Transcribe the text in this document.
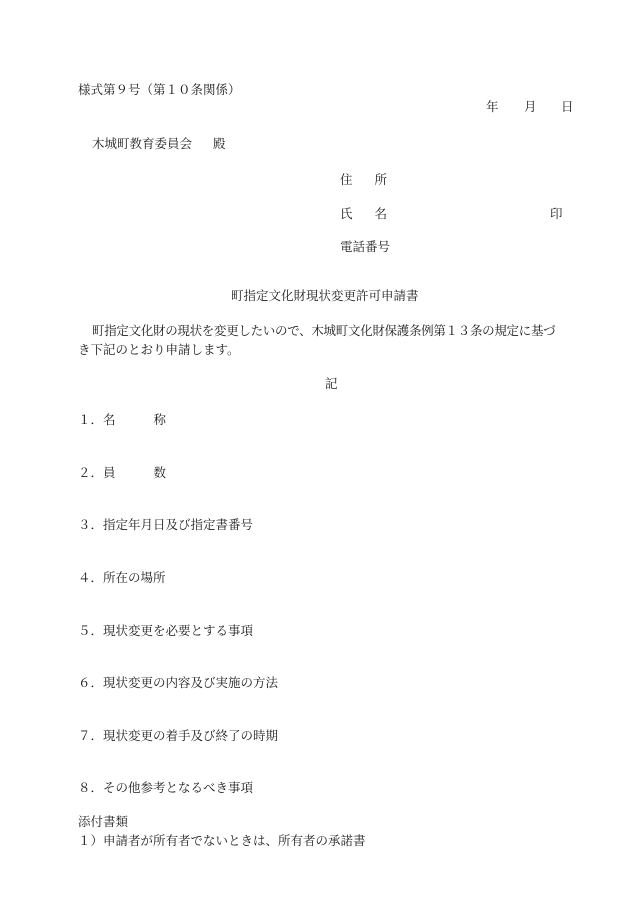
様式第９号（第１０条関係）
年 月 日
木城町教育委員会 殿
住 所
氏 名	印
電話番号
町指定文化財現状変更許可申請書
町指定文化財の現状を変更したいので、木城町文化財保護条例第１３条の規定に基づ
き下記のとおり申請します。
記
１．名	称
２．員	数
３．指定年月日及び指定書番号
４．所在の場所
５．現状変更を必要とする事項
６．現状変更の内容及び実施の方法
７．現状変更の着手及び終了の時期
８．その他参考となるべき事項
添付書類
１）申請者が所有者でないときは、所有者の承諾書
